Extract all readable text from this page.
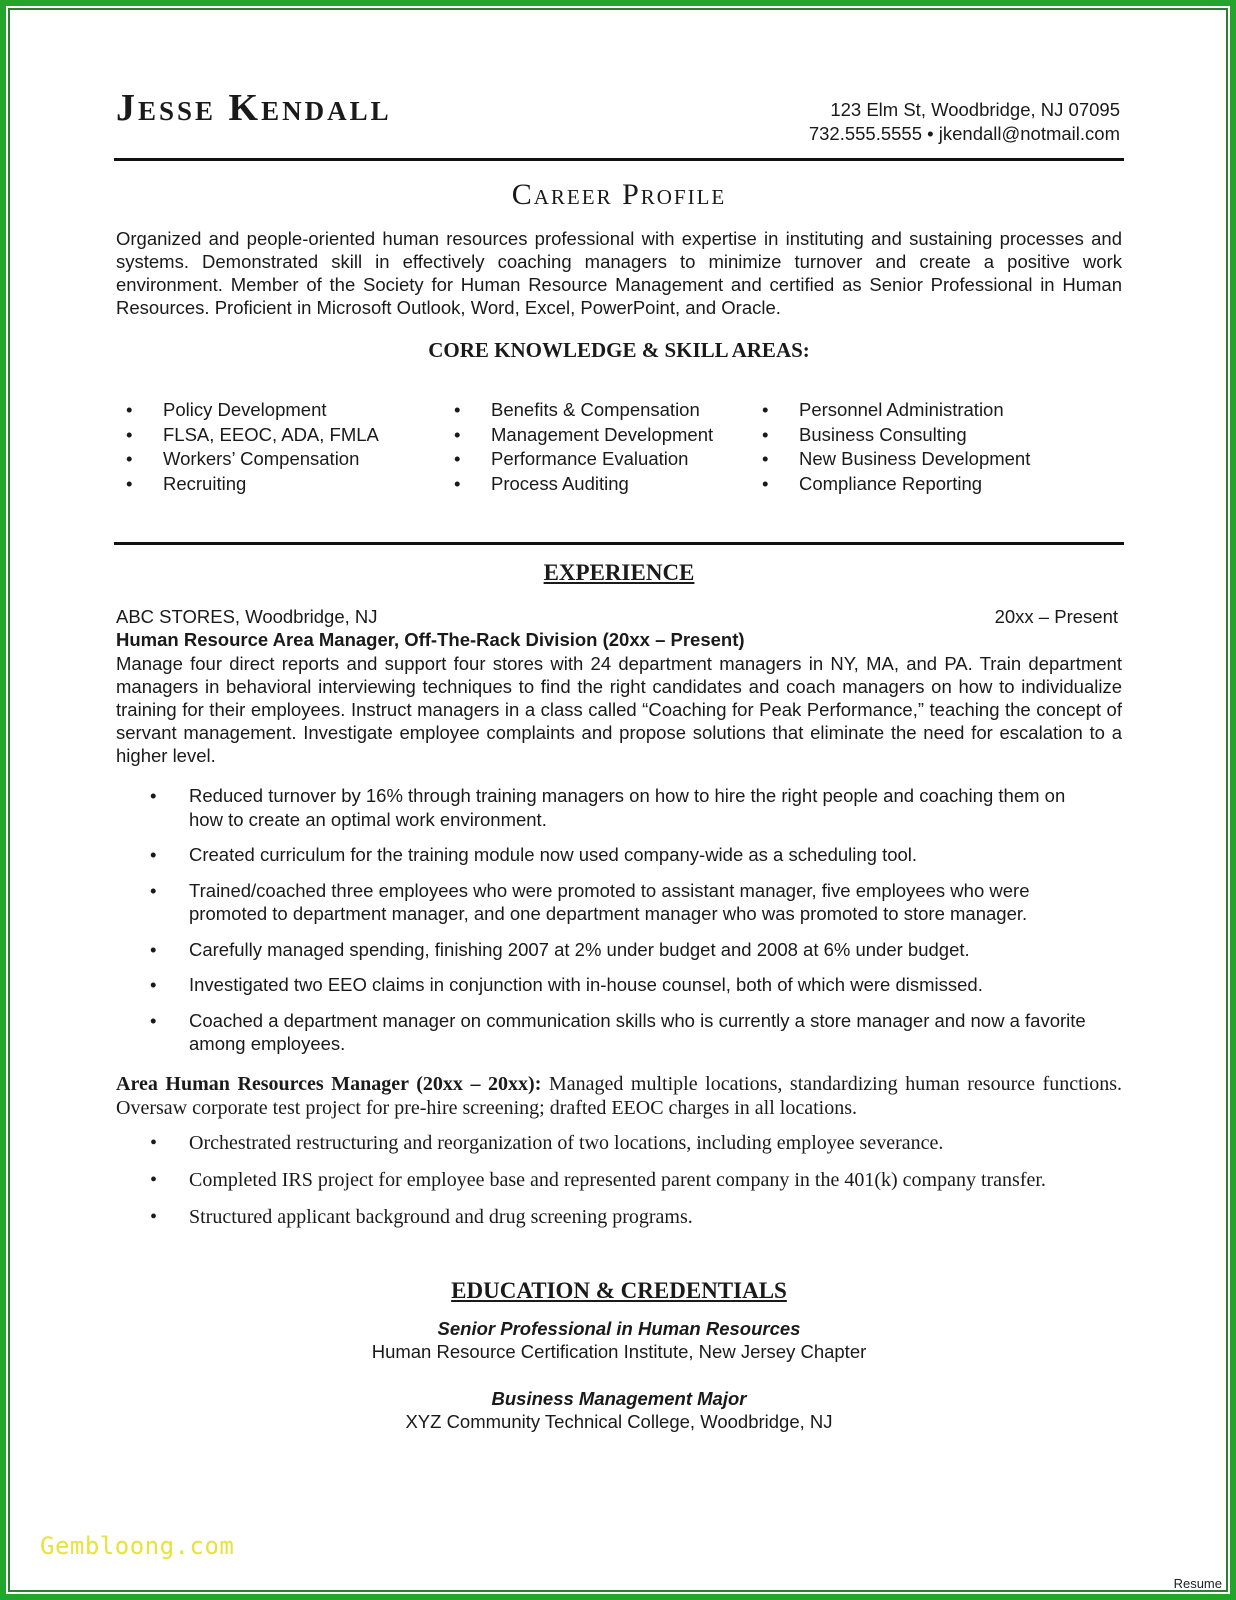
Jesse Kendall	123 Elm St, Woodbridge, NJ 07095
732.555.5555 • jkendall@notmail.com
Career Profile
Organized and people-oriented human resources professional with expertise in instituting and sustaining processes and systems. Demonstrated skill in effectively coaching managers to minimize turnover and create a positive work environment. Member of the Society for Human Resource Management and certified as Senior Professional in Human Resources. Proficient in Microsoft Outlook, Word, Excel, PowerPoint, and Oracle.
CORE KNOWLEDGE & SKILL AREAS:
• Policy Development
• FLSA, EEOC, ADA, FMLA
• Workers’ Compensation
• Recruiting
• Benefits & Compensation
• Management Development
• Performance Evaluation
• Process Auditing
• Personnel Administration
• Business Consulting
• New Business Development
• Compliance Reporting
EXPERIENCE
ABC STORES, Woodbridge, NJ	20xx – Present
Human Resource Area Manager, Off-The-Rack Division (20xx – Present)
Manage four direct reports and support four stores with 24 department managers in NY, MA, and PA. Train department managers in behavioral interviewing techniques to find the right candidates and coach managers on how to individualize training for their employees. Instruct managers in a class called “Coaching for Peak Performance,” teaching the concept of servant management. Investigate employee complaints and propose solutions that eliminate the need for escalation to a higher level.
• Reduced turnover by 16% through training managers on how to hire the right people and coaching them on how to create an optimal work environment.
• Created curriculum for the training module now used company-wide as a scheduling tool.
• Trained/coached three employees who were promoted to assistant manager, five employees who were promoted to department manager, and one department manager who was promoted to store manager.
• Carefully managed spending, finishing 2007 at 2% under budget and 2008 at 6% under budget.
• Investigated two EEO claims in conjunction with in-house counsel, both of which were dismissed.
• Coached a department manager on communication skills who is currently a store manager and now a favorite among employees.
Area Human Resources Manager (20xx – 20xx): Managed multiple locations, standardizing human resource functions. Oversaw corporate test project for pre-hire screening; drafted EEOC charges in all locations.
• Orchestrated restructuring and reorganization of two locations, including employee severance.
• Completed IRS project for employee base and represented parent company in the 401(k) company transfer.
• Structured applicant background and drug screening programs.
EDUCATION & CREDENTIALS
Senior Professional in Human Resources
Human Resource Certification Institute, New Jersey Chapter
Business Management Major
XYZ Community Technical College, Woodbridge, NJ
Gembloong.com
Resume
